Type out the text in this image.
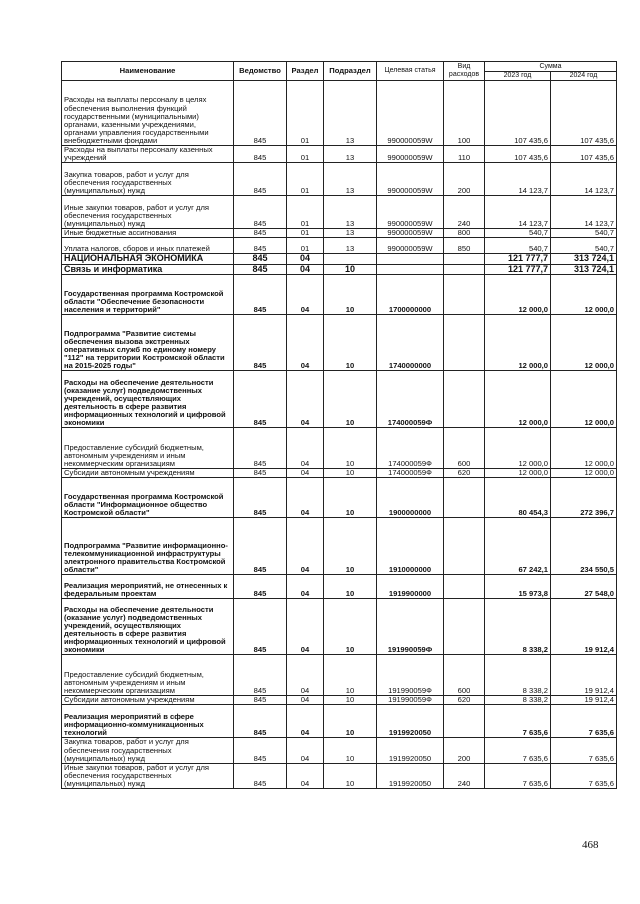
Наименование	Ведомство	Раздел	Подраздел	Целевая статья	Вид расходов	Сумма	
						2023 год	2024 год
Расходы на выплаты персоналу в целях обеспечения выполнения функций государственными (муниципальными) органами, казенными учреждениями, органами управления государственными внебюджетными фондами	845	01	13	990000059W	100	107 435,6	107 435,6
Расходы на выплаты персоналу казенных учреждений	845	01	13	990000059W	110	107 435,6	107 435,6
Закупка товаров, работ и услуг для обеспечения государственных (муниципальных) нужд	845	01	13	990000059W	200	14 123,7	14 123,7
Иные закупки товаров, работ и услуг для обеспечения государственных (муниципальных) нужд	845	01	13	990000059W	240	14 123,7	14 123,7
Иные бюджетные ассигнования	845	01	13	990000059W	800	540,7	540,7
Уплата налогов, сборов и иных платежей	845	01	13	990000059W	850	540,7	540,7
НАЦИОНАЛЬНАЯ ЭКОНОМИКА	845	04				121 777,7	313 724,1
Связь и информатика	845	04	10			121 777,7	313 724,1
Государственная программа Костромской области "Обеспечение безопасности населения и территорий"	845	04	10	1700000000		12 000,0	12 000,0
Подпрограмма "Развитие системы обеспечения вызова экстренных оперативных служб по единому номеру "112" на территории Костромской области на 2015-2025 годы"	845	04	10	1740000000		12 000,0	12 000,0
Расходы на обеспечение деятельности (оказание услуг) подведомственных учреждений, осуществляющих деятельность в сфере развития информационных технологий и цифровой экономики	845	04	10	174000059Ф		12 000,0	12 000,0
Предоставление субсидий бюджетным, автономным учреждениям и иным некоммерческим организациям	845	04	10	174000059Ф	600	12 000,0	12 000,0
Субсидии автономным учреждениям	845	04	10	174000059Ф	620	12 000,0	12 000,0
Государственная программа Костромской области "Информационное общество Костромской области"	845	04	10	1900000000		80 454,3	272 396,7
Подпрограмма "Развитие информационно-телекоммуникационной инфраструктуры электронного правительства Костромской области"	845	04	10	1910000000		67 242,1	234 550,5
Реализация мероприятий, не отнесенных к федеральным проектам	845	04	10	1919900000		15 973,8	27 548,0
Расходы на обеспечение деятельности (оказание услуг) подведомственных учреждений, осуществляющих деятельность в сфере развития информационных технологий и цифровой экономики	845	04	10	191990059Ф		8 338,2	19 912,4
Предоставление субсидий бюджетным, автономным учреждениям и иным некоммерческим организациям	845	04	10	191990059Ф	600	8 338,2	19 912,4
Субсидии автономным учреждениям	845	04	10	191990059Ф	620	8 338,2	19 912,4
Реализация мероприятий в сфере информационно-коммуникационных технологий	845	04	10	1919920050		7 635,6	7 635,6
Закупка товаров, работ и услуг для обеспечения государственных (муниципальных) нужд	845	04	10	1919920050	200	7 635,6	7 635,6
Иные закупки товаров, работ и услуг для обеспечения государственных (муниципальных) нужд	845	04	10	1919920050	240	7 635,6	7 635,6
468
